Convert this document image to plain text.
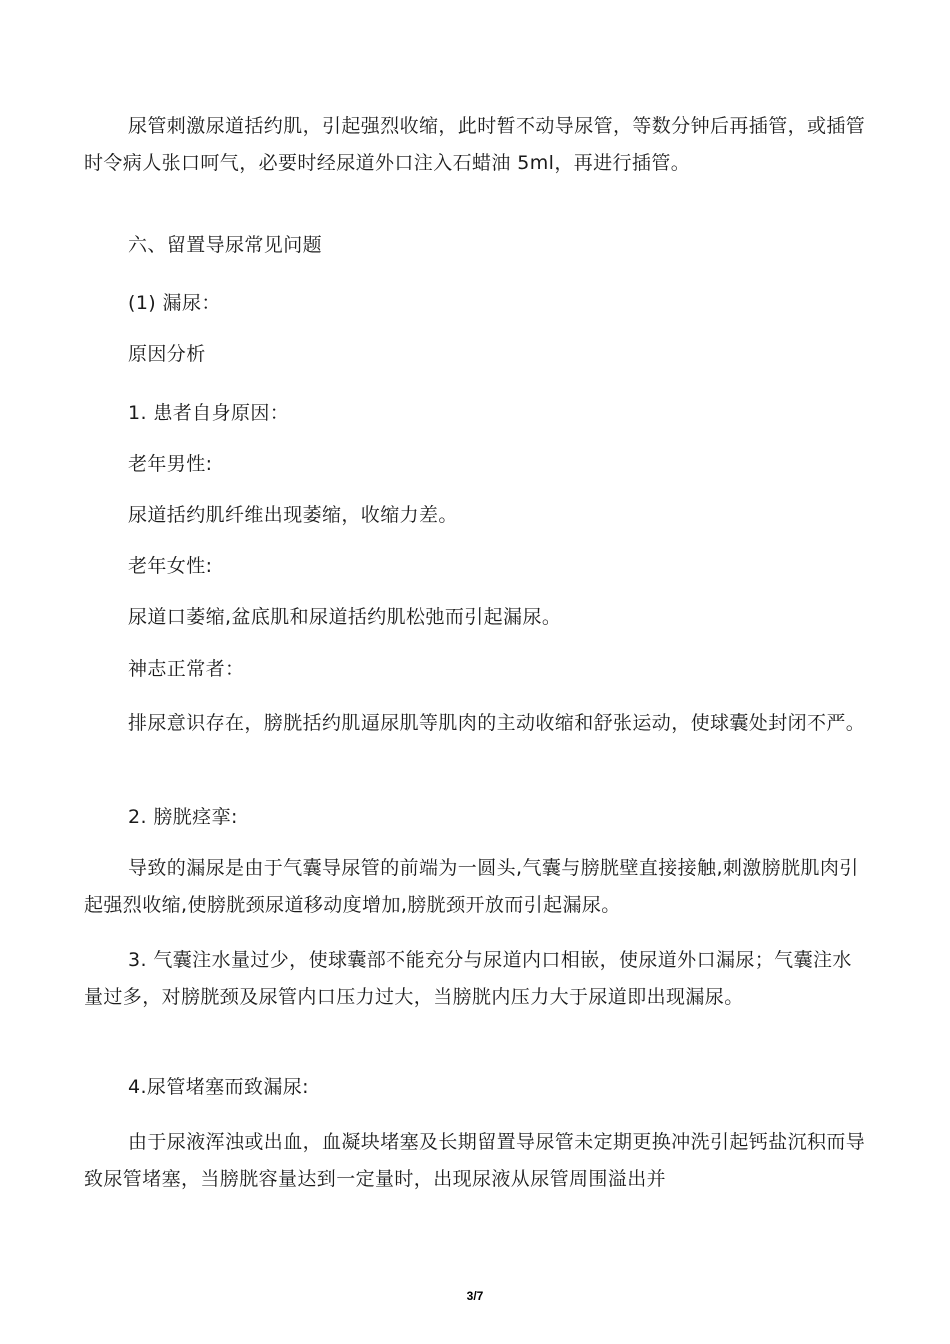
尿管刺激尿道括约肌，引起强烈收缩，此时暂不动导尿管，等数分钟后再插管，或插管时令病人张口呵气，必要时经尿道外口注入石蜡油 5ml，再进行插管。

六、留置导尿常见问题

(1) 漏尿：

原因分析

1. 患者自身原因：

老年男性:

尿道括约肌纤维出现萎缩，收缩力差。

老年女性:

尿道口萎缩,盆底肌和尿道括约肌松弛而引起漏尿。

神志正常者：

排尿意识存在，膀胱括约肌逼尿肌等肌肉的主动收缩和舒张运动，使球囊处封闭不严。

2. 膀胱痉挛:

导致的漏尿是由于气囊导尿管的前端为一圆头,气囊与膀胱壁直接接触,刺激膀胱肌肉引起强烈收缩,使膀胱颈尿道移动度增加,膀胱颈开放而引起漏尿。

3. 气囊注水量过少，使球囊部不能充分与尿道内口相嵌，使尿道外口漏尿；气囊注水量过多，对膀胱颈及尿管内口压力过大，当膀胱内压力大于尿道即出现漏尿。

4.尿管堵塞而致漏尿:

由于尿液浑浊或出血，血凝块堵塞及长期留置导尿管未定期更换冲洗引起钙盐沉积而导致尿管堵塞，当膀胱容量达到一定量时，出现尿液从尿管周围溢出并

3/7
